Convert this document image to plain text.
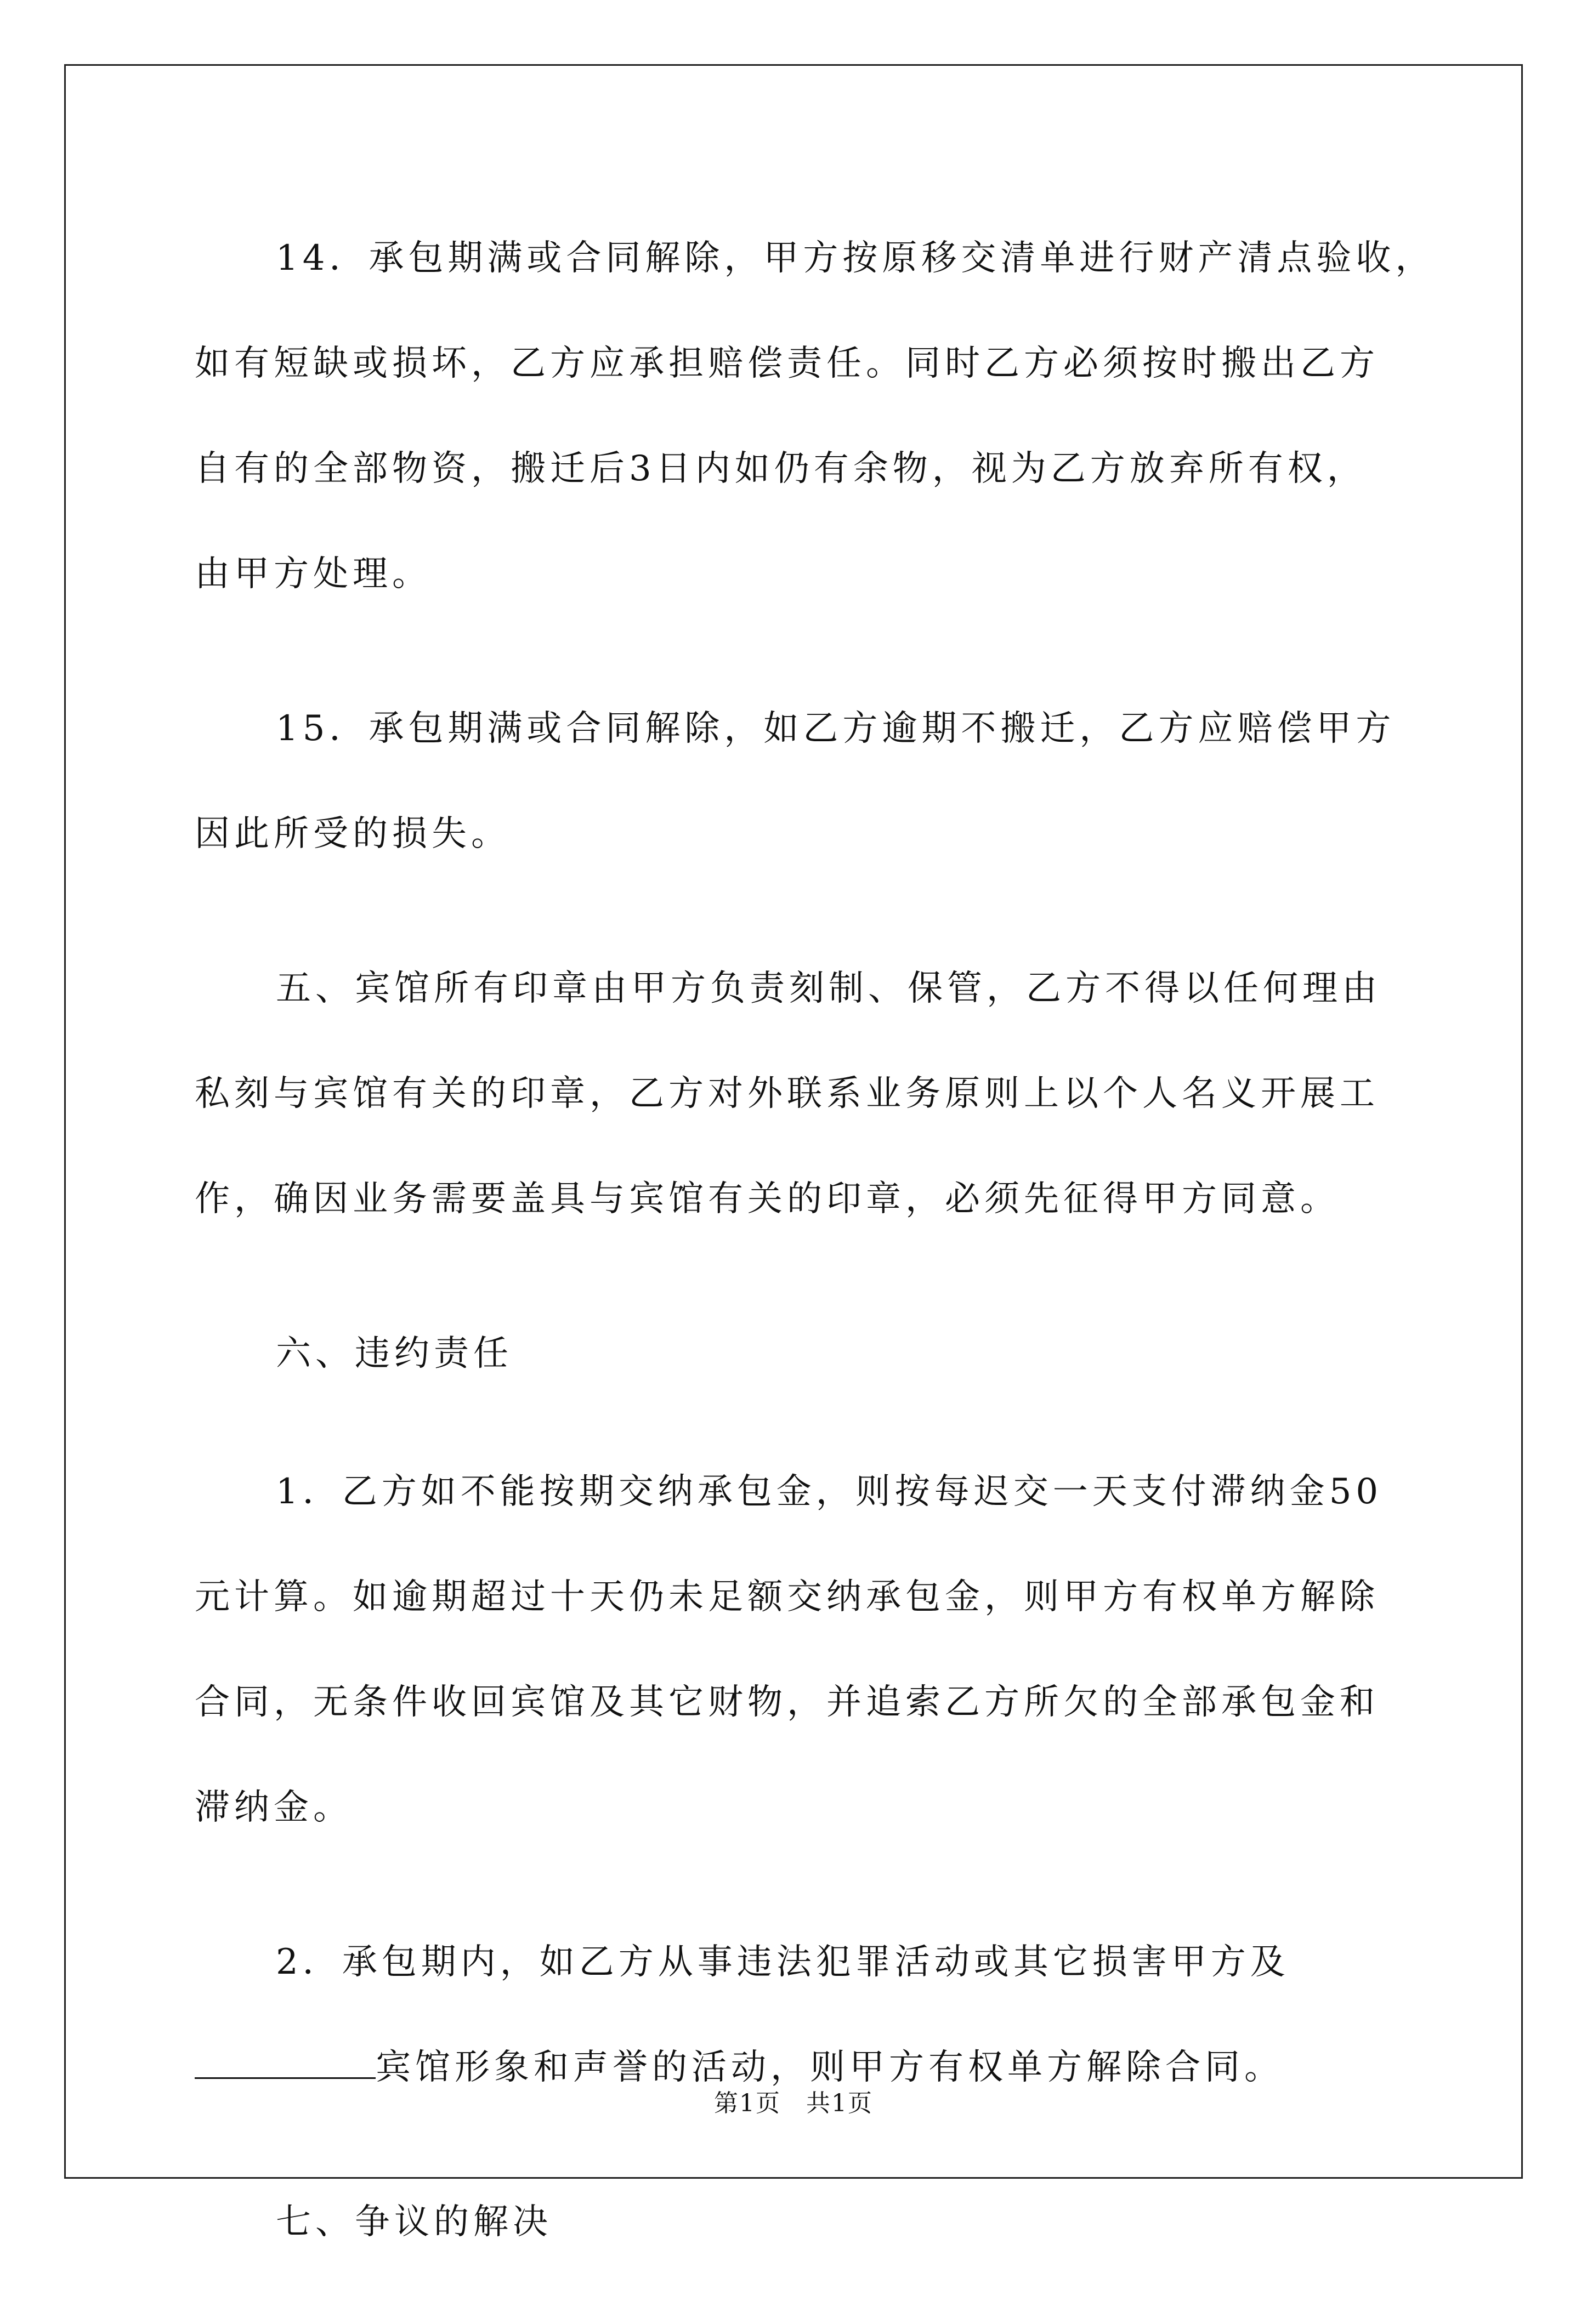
14．承包期满或合同解除，甲方按原移交清单进行财产清点验收，
如有短缺或损坏，乙方应承担赔偿责任。同时乙方必须按时搬出乙方
自有的全部物资，搬迁后3日内如仍有余物，视为乙方放弃所有权，
由甲方处理。

15．承包期满或合同解除，如乙方逾期不搬迁，乙方应赔偿甲方
因此所受的损失。

五、宾馆所有印章由甲方负责刻制、保管，乙方不得以任何理由
私刻与宾馆有关的印章，乙方对外联系业务原则上以个人名义开展工
作，确因业务需要盖具与宾馆有关的印章，必须先征得甲方同意。

六、违约责任

1．乙方如不能按期交纳承包金，则按每迟交一天支付滞纳金50
元计算。如逾期超过十天仍未足额交纳承包金，则甲方有权单方解除
合同，无条件收回宾馆及其它财物，并追索乙方所欠的全部承包金和
滞纳金。

2．承包期内，如乙方从事违法犯罪活动或其它损害甲方及
宾馆形象和声誉的活动，则甲方有权单方解除合同。

七、争议的解决

第1页　共1页
